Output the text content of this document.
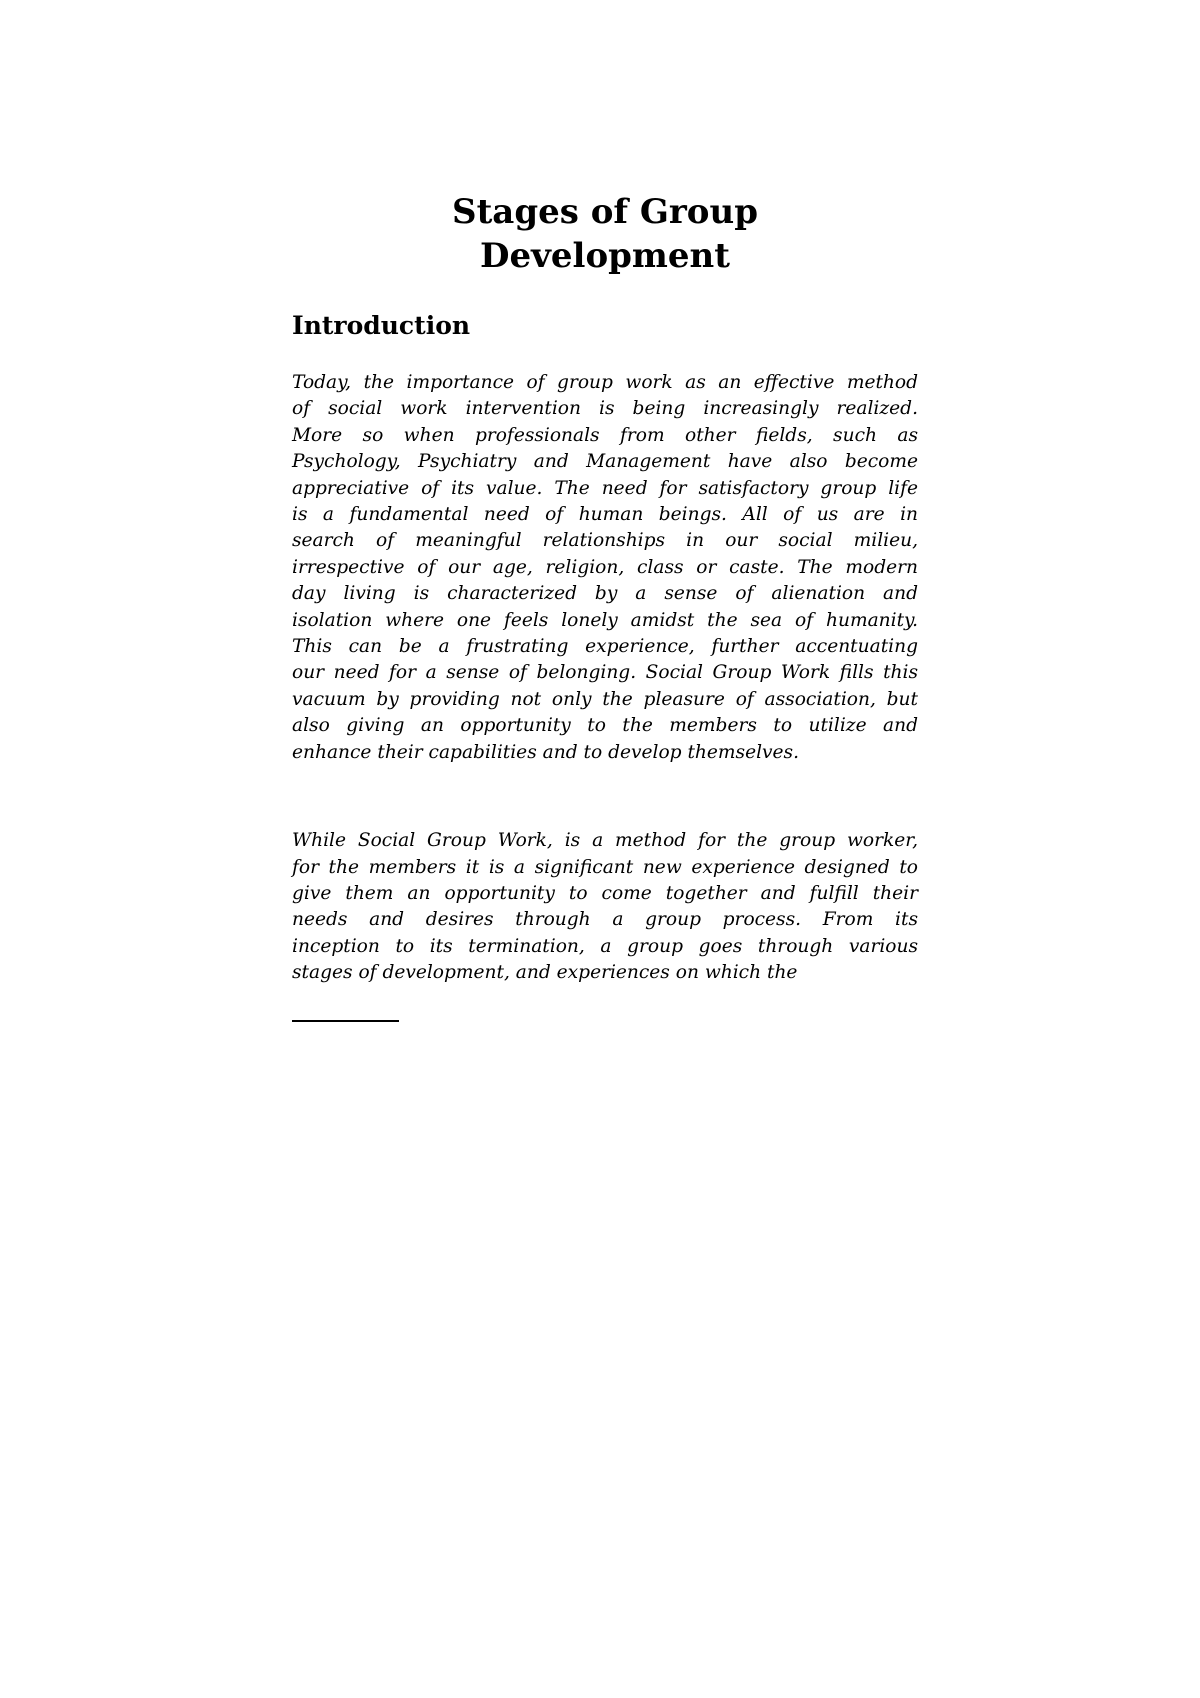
Stages of Group
Development
Introduction

Today, the importance of group work as an effective method
of social work intervention is being increasingly realized.
More so when professionals from other fields, such as
Psychology, Psychiatry and Management have also become
appreciative of its value. The need for satisfactory group life
is a fundamental need of human beings. All of us are in
search of meaningful relationships in our social milieu,
irrespective of our age, religion, class or caste. The modern
day living is characterized by a sense of alienation and
isolation where one feels lonely amidst the sea of humanity.
This can be a frustrating experience, further accentuating
our need for a sense of belonging. Social Group Work fills this
vacuum by providing not only the pleasure of association, but
also giving an opportunity to the members to utilize and
enhance their capabilities and to develop themselves.

While Social Group Work, is a method for the group worker,
for the members it is a significant new experience designed to
give them an opportunity to come together and fulfill their
needs and desires through a group process. From its
inception to its termination, a group goes through various
stages of development, and experiences on which the
